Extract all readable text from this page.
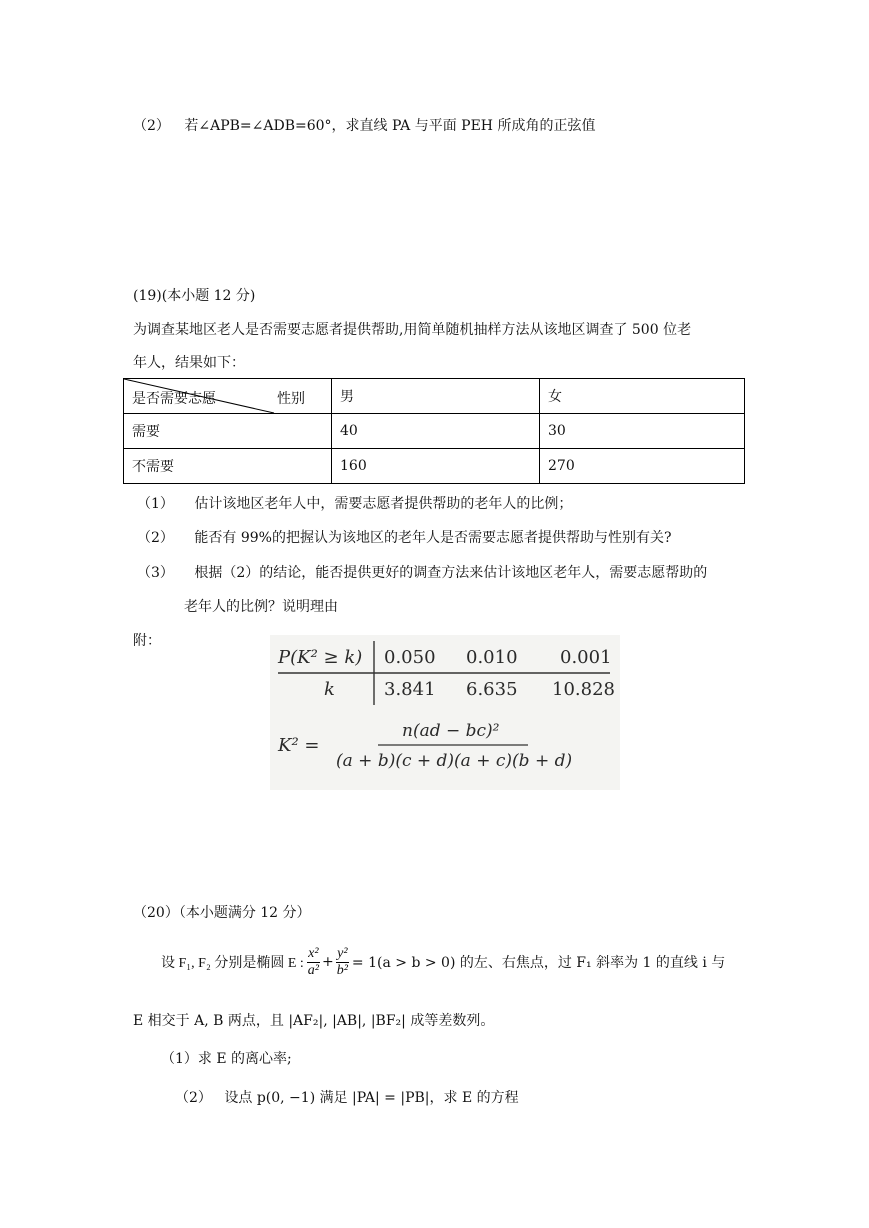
（2） 若∠APB=∠ADB=60°，求直线 PA 与平面 PEH 所成角的正弦值
(19)(本小题 12 分)
为调查某地区老人是否需要志愿者提供帮助,用简单随机抽样方法从该地区调查了 500 位老
年人，结果如下：
是否需要志愿 性别	男	女
需要	40	30
不需要	160	270
（1） 估计该地区老年人中，需要志愿者提供帮助的老年人的比例；
（2） 能否有 99%的把握认为该地区的老年人是否需要志愿者提供帮助与性别有关?
（3） 根据（2）的结论，能否提供更好的调查方法来估计该地区老年人，需要志愿帮助的
老年人的比例？说明理由
附：
P(K² ≥ k) 0.050 0.010 0.001
k	3.841 6.635 10.828
K² =
n(ad − bc)²
(a + b)(c + d)(a + c)(b + d)
（20）（本小题满分 12 分）
设 F₁, F₂ 分别是椭圆 E : $\frac{\text{x²}}{\text{a²}} + \frac{\text{y²}}{\text{b²}} = 1(a > b > 0)$ 的左、右焦点，过 F₁ 斜率为 1 的直线 i 与
E 相交于 A, B 两点，且 |AF₂|, |AB|, |BF₂| 成等差数列。
（1）求 E 的离心率;
（2） 设点 p(0, −1) 满足 |PA| = |PB|，求 E 的方程
